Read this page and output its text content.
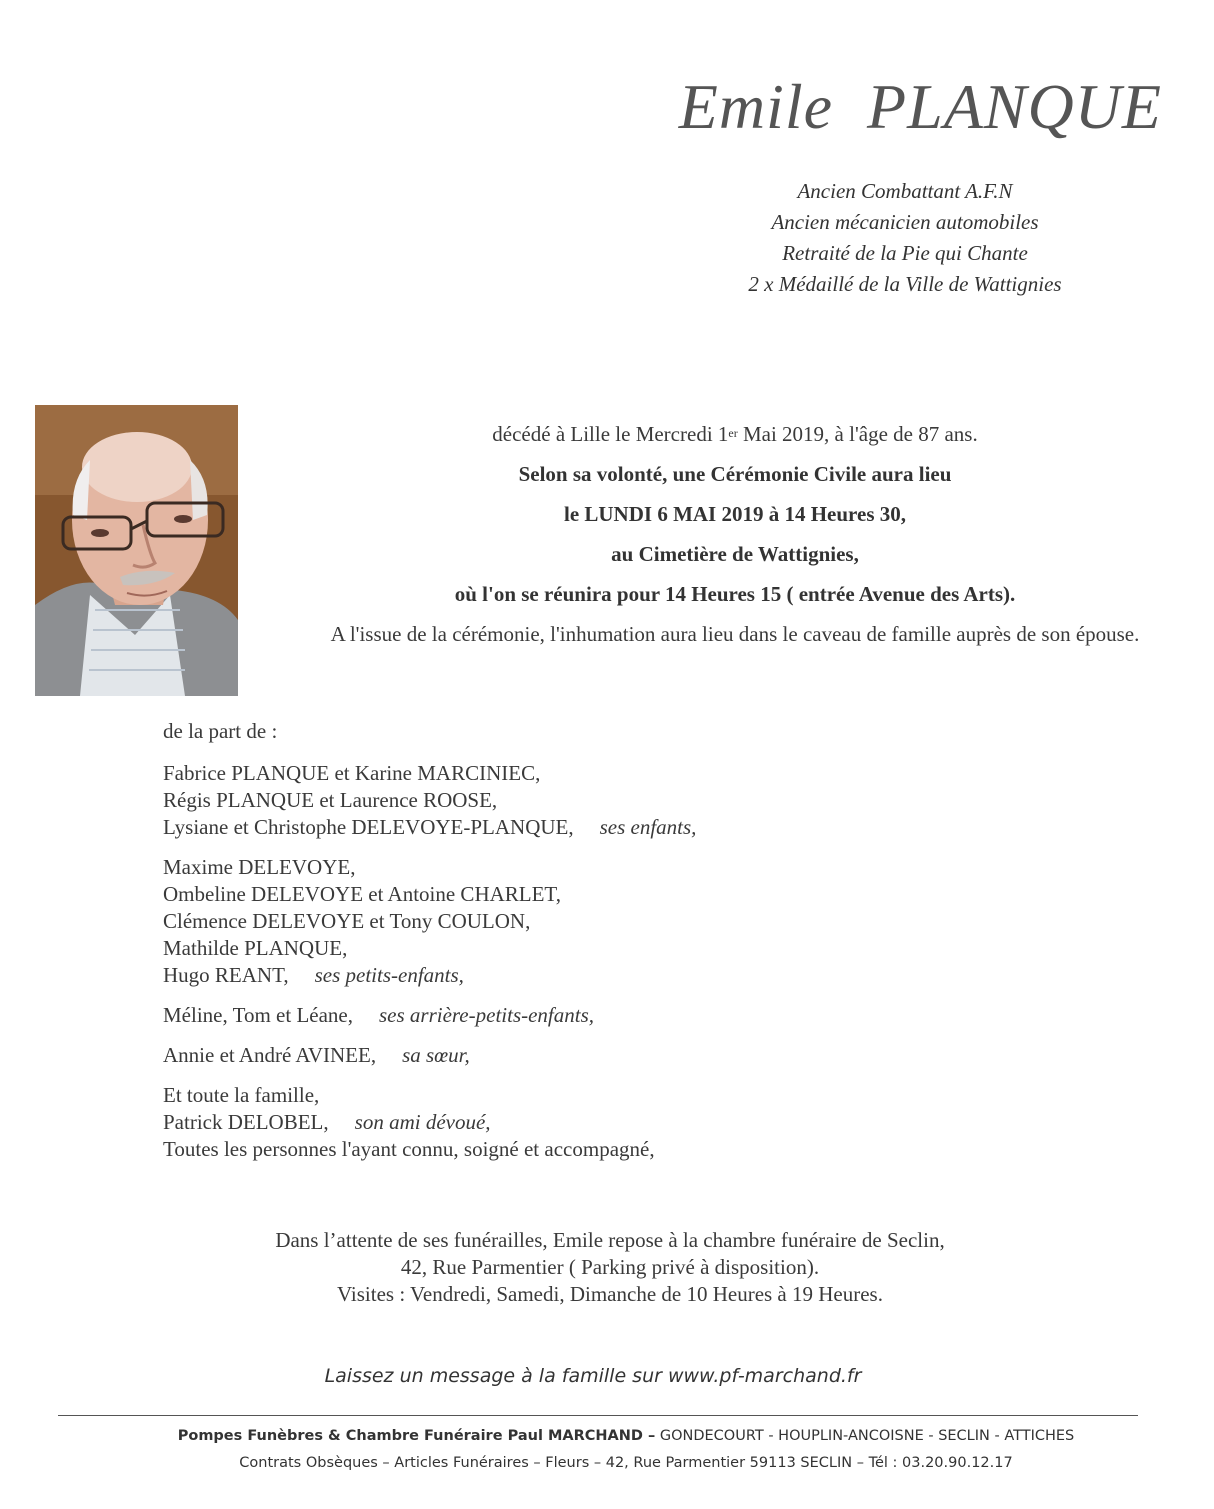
Emile  PLANQUE
Ancien Combattant A.F.N
Ancien mécanicien automobiles
Retraité de la Pie qui Chante
2 x Médaillé de la Ville de Wattignies
décédé à Lille le Mercredi 1er Mai 2019, à l'âge de 87 ans.
Selon sa volonté, une Cérémonie Civile aura lieu
le LUNDI 6 MAI 2019 à 14 Heures 30,
au Cimetière de Wattignies,
où l'on se réunira pour 14 Heures 15 ( entrée Avenue des Arts).
A l'issue de la cérémonie, l'inhumation aura lieu dans le caveau de famille auprès de son épouse.
de la part de :
Fabrice PLANQUE et Karine MARCINIEC,
Régis PLANQUE et Laurence ROOSE,
Lysiane et Christophe DELEVOYE-PLANQUE, ses enfants,
Maxime DELEVOYE,
Ombeline DELEVOYE et Antoine CHARLET,
Clémence DELEVOYE et Tony COULON,
Mathilde PLANQUE,
Hugo REANT, ses petits-enfants,
Méline, Tom et Léane, ses arrière-petits-enfants,
Annie et André AVINEE, sa sœur,
Et toute la famille,
Patrick DELOBEL, son ami dévoué,
Toutes les personnes l'ayant connu, soigné et accompagné,
Dans l’attente de ses funérailles, Emile repose à la chambre funéraire de Seclin,
42, Rue Parmentier ( Parking privé à disposition).
Visites : Vendredi, Samedi, Dimanche de 10 Heures à 19 Heures.
Laissez un message à la famille sur www.pf-marchand.fr
Pompes Funèbres & Chambre Funéraire Paul MARCHAND – GONDECOURT - HOUPLIN-ANCOISNE - SECLIN - ATTICHES
Contrats Obsèques – Articles Funéraires – Fleurs – 42, Rue Parmentier 59113 SECLIN – Tél : 03.20.90.12.17
